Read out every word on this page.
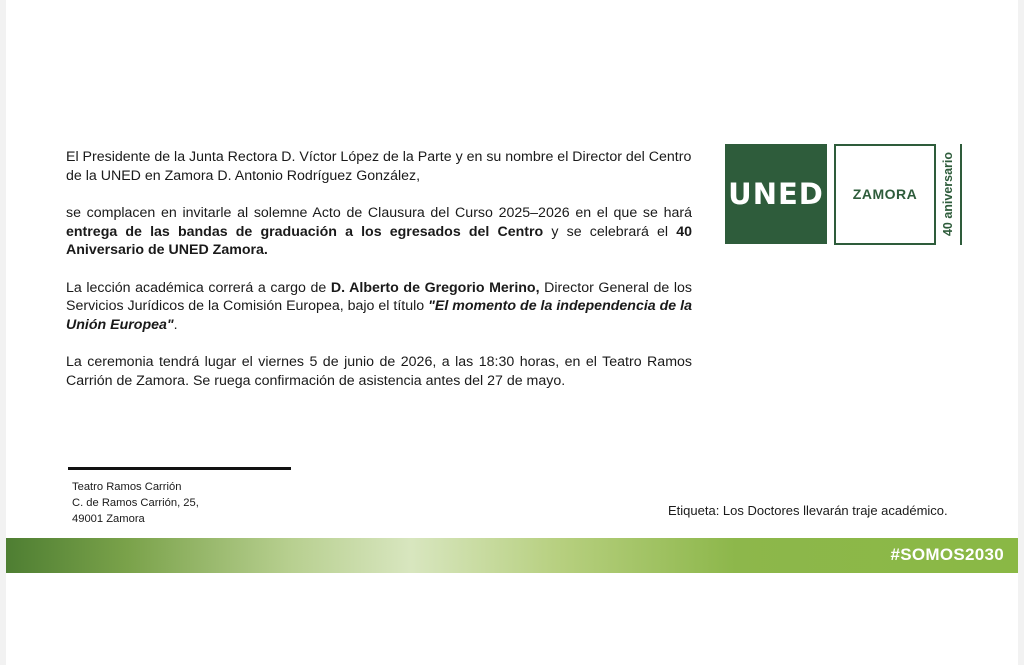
El Presidente de la Junta Rectora D. Víctor López de la Parte y en su nombre el Director del Centro de la UNED en Zamora D. Antonio Rodríguez González,

se complacen en invitarle al solemne Acto de Clausura del Curso 2025–2026 en el que se hará entrega de las bandas de graduación a los egresados del Centro y se celebrará el 40 Aniversario de UNED Zamora.

La lección académica correrá a cargo de D. Alberto de Gregorio Merino, Director General de los Servicios Jurídicos de la Comisión Europea, bajo el título "El momento de la independencia de la Unión Europea".

La ceremonia tendrá lugar el viernes 5 de junio de 2026, a las 18:30 horas, en el Teatro Ramos Carrión de Zamora. Se ruega confirmación de asistencia antes del 27 de mayo.

UNED	ZAMORA	40 aniversario
Teatro Ramos Carrión
C. de Ramos Carrión, 25,
49001 Zamora
Etiqueta: Los Doctores llevarán traje académico.
#SOMOS2030
